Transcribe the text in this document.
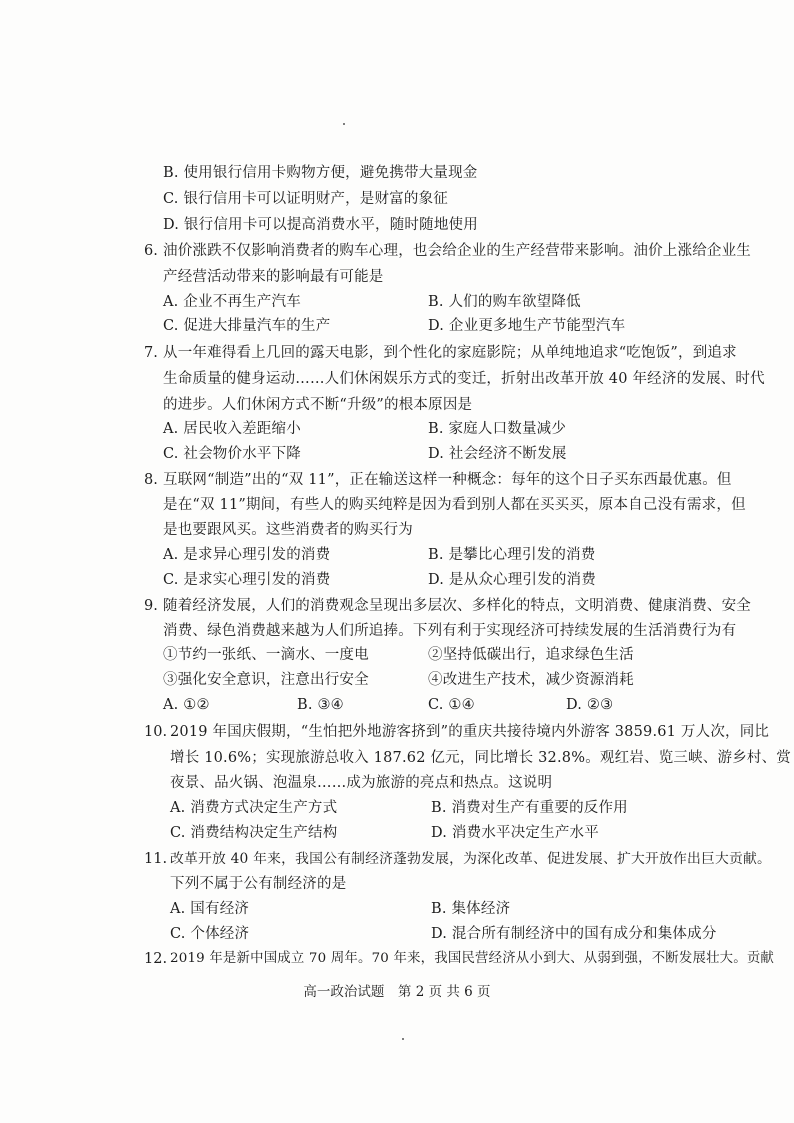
B. 使用银行信用卡购物方便，避免携带大量现金
C. 银行信用卡可以证明财产，是财富的象征
D. 银行信用卡可以提高消费水平，随时随地使用
6. 油价涨跌不仅影响消费者的购车心理，也会给企业的生产经营带来影响。油价上涨给企业生
产经营活动带来的影响最有可能是
A. 企业不再生产汽车	B. 人们的购车欲望降低
C. 促进大排量汽车的生产	D. 企业更多地生产节能型汽车
7. 从一年难得看上几回的露天电影，到个性化的家庭影院；从单纯地追求“吃饱饭”，到追求
生命质量的健身运动……人们休闲娱乐方式的变迁，折射出改革开放 40 年经济的发展、时代
的进步。人们休闲方式不断“升级”的根本原因是
A. 居民收入差距缩小	B. 家庭人口数量减少
C. 社会物价水平下降	D. 社会经济不断发展
8. 互联网“制造”出的“双 11”，正在输送这样一种概念：每年的这个日子买东西最优惠。但
是在“双 11”期间，有些人的购买纯粹是因为看到别人都在买买买，原本自己没有需求，但
是也要跟风买。这些消费者的购买行为
A. 是求异心理引发的消费	B. 是攀比心理引发的消费
C. 是求实心理引发的消费	D. 是从众心理引发的消费
9. 随着经济发展，人们的消费观念呈现出多层次、多样化的特点，文明消费、健康消费、安全
消费、绿色消费越来越为人们所追捧。下列有利于实现经济可持续发展的生活消费行为有
①节约一张纸、一滴水、一度电	②坚持低碳出行，追求绿色生活
③强化安全意识，注意出行安全	④改进生产技术，减少资源消耗
A. ①②	B. ③④	C. ①④	D. ②③
10. 2019 年国庆假期，“生怕把外地游客挤到”的重庆共接待境内外游客 3859.61 万人次，同比
增长 10.6%；实现旅游总收入 187.62 亿元，同比增长 32.8%。观红岩、览三峡、游乡村、赏
夜景、品火锅、泡温泉……成为旅游的亮点和热点。这说明
A. 消费方式决定生产方式	B. 消费对生产有重要的反作用
C. 消费结构决定生产结构	D. 消费水平决定生产水平
11. 改革开放 40 年来，我国公有制经济蓬勃发展，为深化改革、促进发展、扩大开放作出巨大贡献。
下列不属于公有制经济的是
A. 国有经济	B. 集体经济
C. 个体经济	D. 混合所有制经济中的国有成分和集体成分
12. 2019 年是新中国成立 70 周年。70 年来，我国民营经济从小到大、从弱到强，不断发展壮大。贡献
高一政治试题　第 2 页 共 6 页
